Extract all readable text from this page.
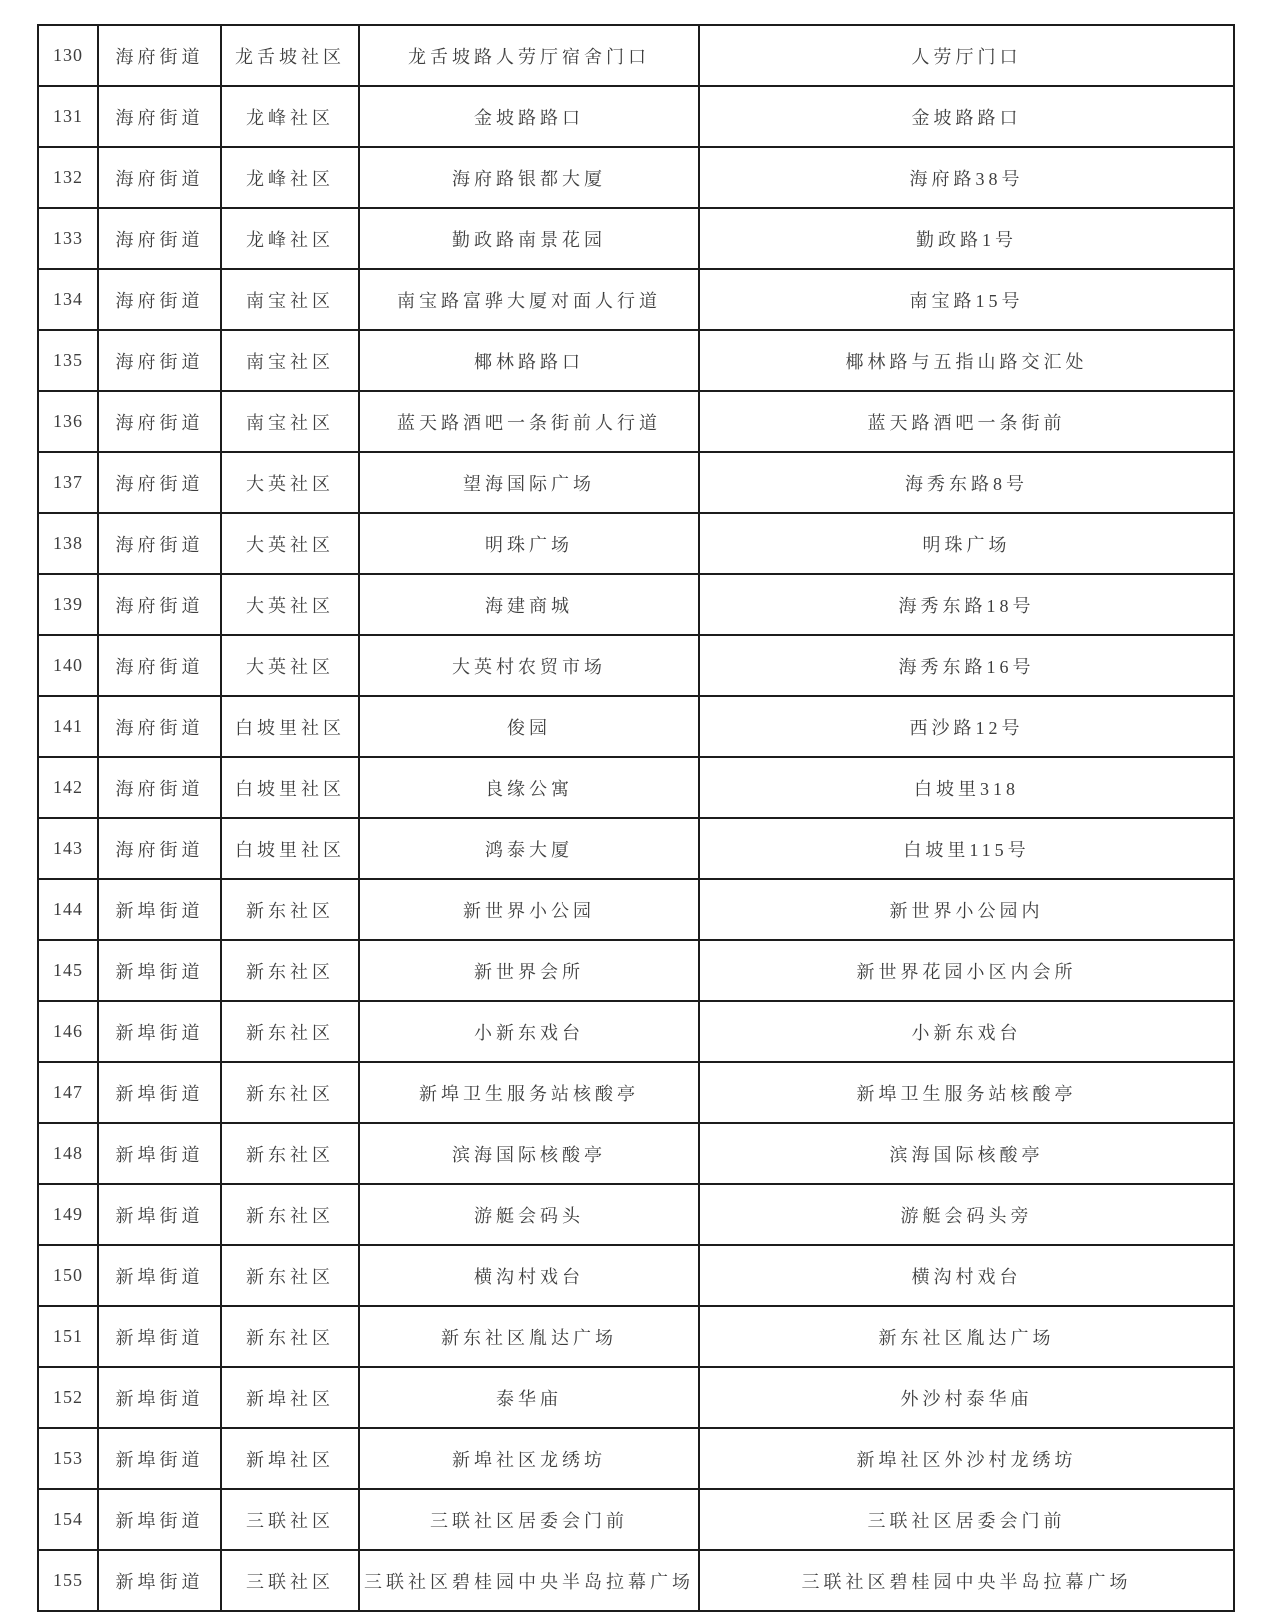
130	海府街道	龙舌坡社区	龙舌坡路人劳厅宿舍门口	人劳厅门口
131	海府街道	龙峰社区	金坡路路口	金坡路路口
132	海府街道	龙峰社区	海府路银都大厦	海府路38号
133	海府街道	龙峰社区	勤政路南景花园	勤政路1号
134	海府街道	南宝社区	南宝路富骅大厦对面人行道	南宝路15号
135	海府街道	南宝社区	椰林路路口	椰林路与五指山路交汇处
136	海府街道	南宝社区	蓝天路酒吧一条街前人行道	蓝天路酒吧一条街前
137	海府街道	大英社区	望海国际广场	海秀东路8号
138	海府街道	大英社区	明珠广场	明珠广场
139	海府街道	大英社区	海建商城	海秀东路18号
140	海府街道	大英社区	大英村农贸市场	海秀东路16号
141	海府街道	白坡里社区	俊园	西沙路12号
142	海府街道	白坡里社区	良缘公寓	白坡里318
143	海府街道	白坡里社区	鸿泰大厦	白坡里115号
144	新埠街道	新东社区	新世界小公园	新世界小公园内
145	新埠街道	新东社区	新世界会所	新世界花园小区内会所
146	新埠街道	新东社区	小新东戏台	小新东戏台
147	新埠街道	新东社区	新埠卫生服务站核酸亭	新埠卫生服务站核酸亭
148	新埠街道	新东社区	滨海国际核酸亭	滨海国际核酸亭
149	新埠街道	新东社区	游艇会码头	游艇会码头旁
150	新埠街道	新东社区	横沟村戏台	横沟村戏台
151	新埠街道	新东社区	新东社区胤达广场	新东社区胤达广场
152	新埠街道	新埠社区	泰华庙	外沙村泰华庙
153	新埠街道	新埠社区	新埠社区龙绣坊	新埠社区外沙村龙绣坊
154	新埠街道	三联社区	三联社区居委会门前	三联社区居委会门前
155	新埠街道	三联社区	三联社区碧桂园中央半岛拉幕广场	三联社区碧桂园中央半岛拉幕广场
